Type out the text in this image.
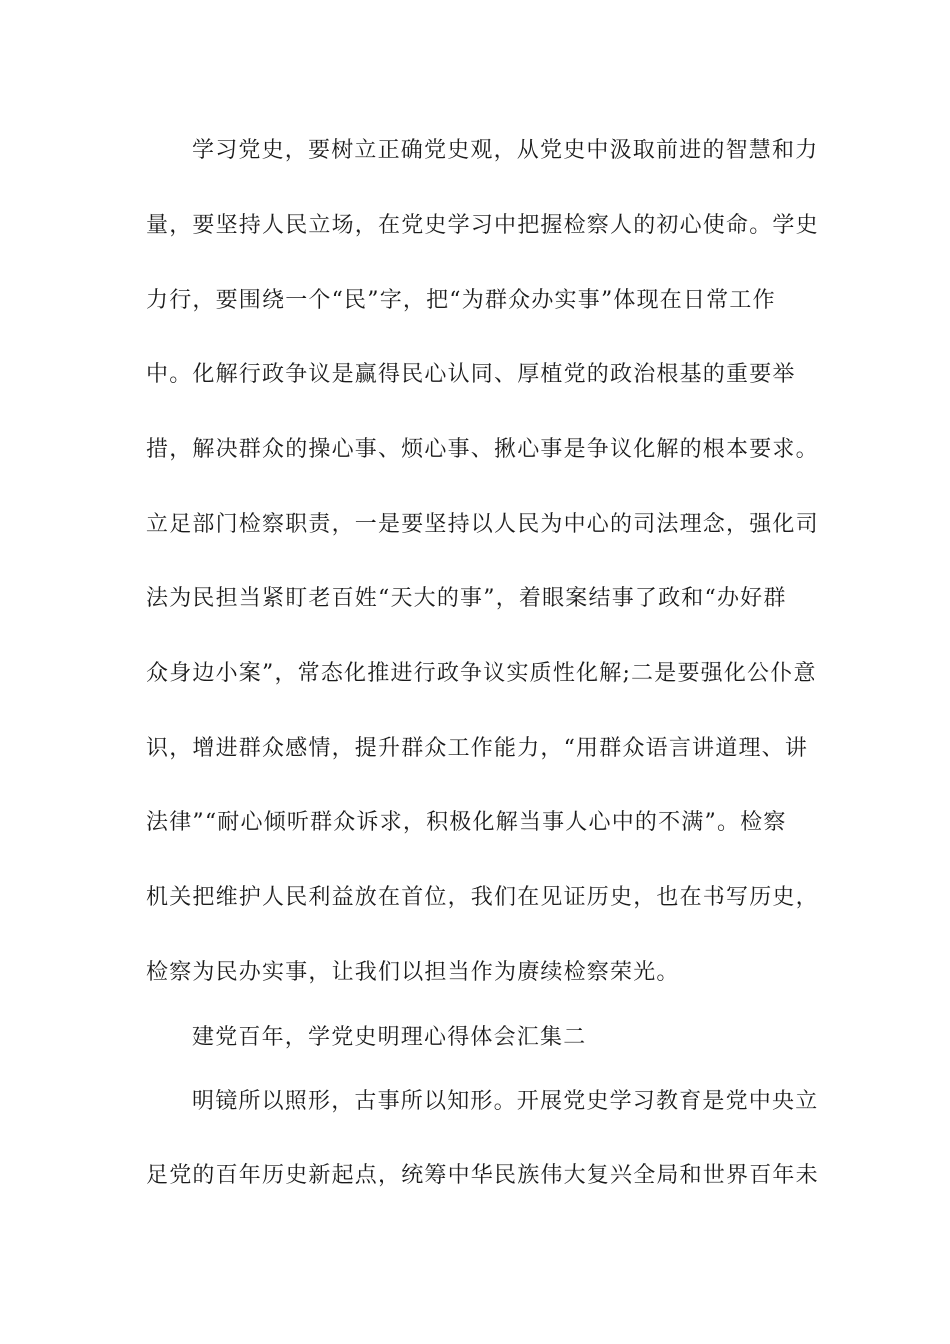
学习党史，要树立正确党史观，从党史中汲取前进的智慧和力
量，要坚持人民立场，在党史学习中把握检察人的初心使命。学史
力行，要围绕一个“民”字，把“为群众办实事”体现在日常工作
中。化解行政争议是赢得民心认同、厚植党的政治根基的重要举
措，解决群众的操心事、烦心事、揪心事是争议化解的根本要求。
立足部门检察职责，一是要坚持以人民为中心的司法理念，强化司
法为民担当紧盯老百姓“天大的事”，着眼案结事了政和“办好群
众身边小案”，常态化推进行政争议实质性化解;二是要强化公仆意
识，增进群众感情，提升群众工作能力，“用群众语言讲道理、讲
法律”“耐心倾听群众诉求，积极化解当事人心中的不满”。检察
机关把维护人民利益放在首位，我们在见证历史，也在书写历史，
检察为民办实事，让我们以担当作为赓续检察荣光。
建党百年，学党史明理心得体会汇集二
明镜所以照形，古事所以知形。开展党史学习教育是党中央立
足党的百年历史新起点，统筹中华民族伟大复兴全局和世界百年未
